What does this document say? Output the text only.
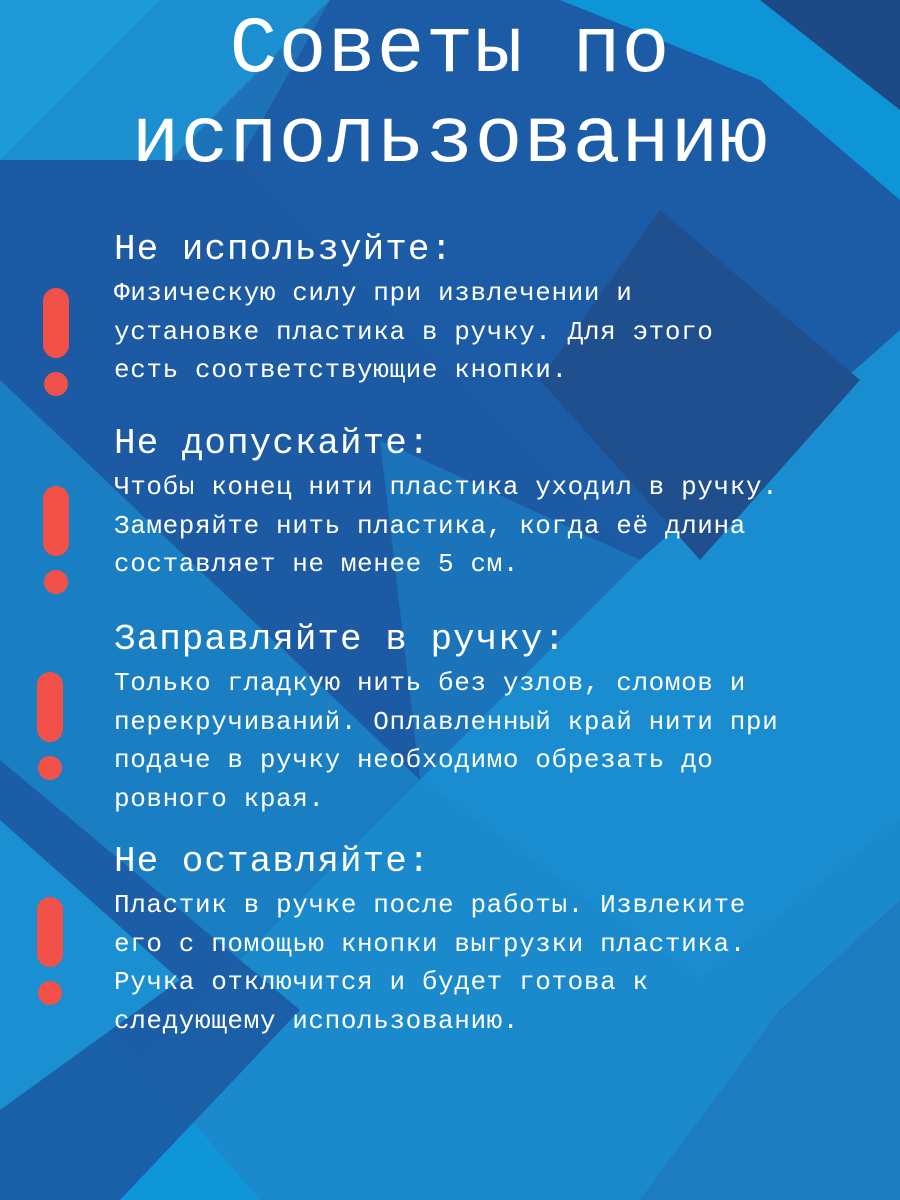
Советы по использованию
Не используйте:

Физическую силу при извлечении и
установке пластика в ручку. Для этого
есть соответствующие кнопки.

Не допускайте:

Чтобы конец нити пластика уходил в ручку.
Замеряйте нить пластика, когда её длина
составляет не менее 5 см.

Заправляйте в ручку:

Только гладкую нить без узлов, сломов и
перекручиваний. Оплавленный край нити при
подаче в ручку необходимо обрезать до
ровного края.

Не оставляйте:

Пластик в ручке после работы. Извлеките
его с помощью кнопки выгрузки пластика.
Ручка отключится и будет готова к
следующему использованию.
